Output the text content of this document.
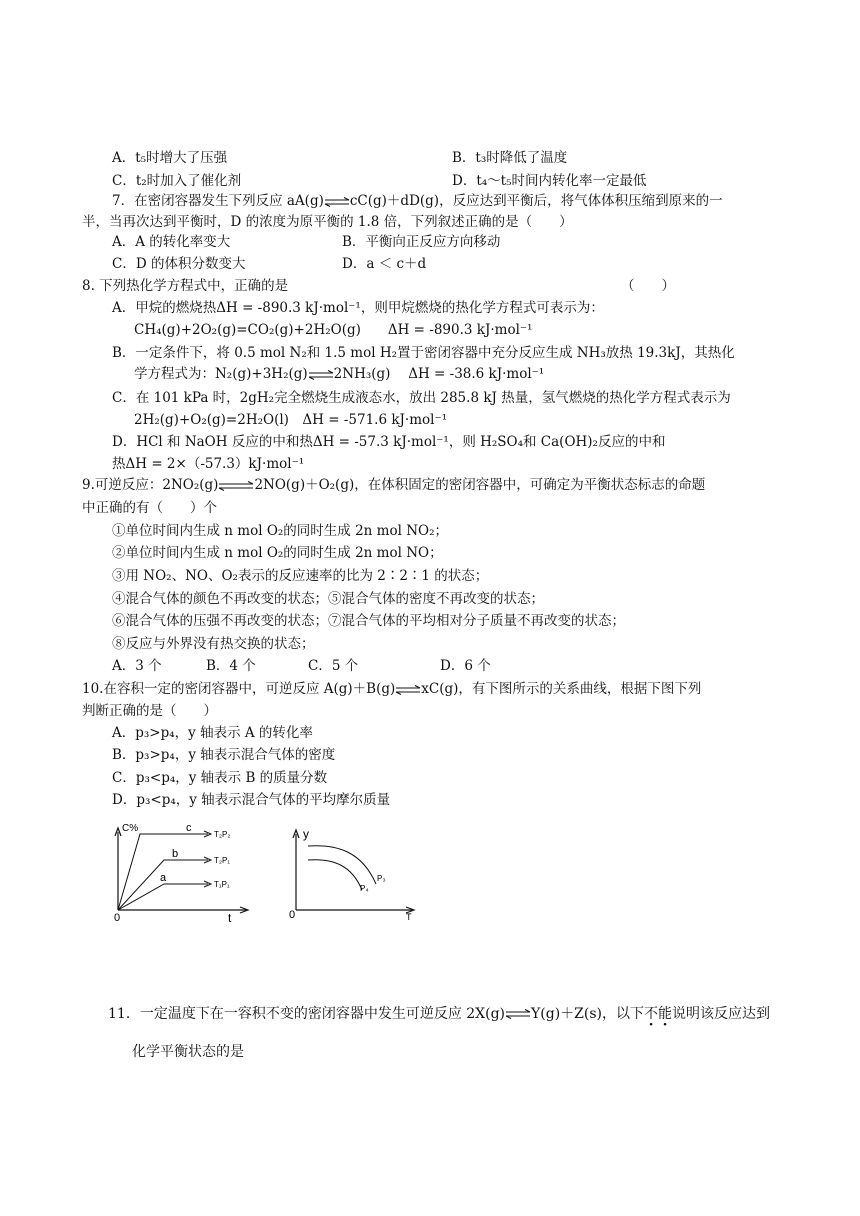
A．t₅时增大了压强	B．t₃时降低了温度
C．t₂时加入了催化剂	D．t₄～t₅时间内转化率一定最低
7．在密闭容器发生下列反应 aA(g)⇌cC(g)＋dD(g)，反应达到平衡后，将气体体积压缩到原来的一
半，当再次达到平衡时，D 的浓度为原平衡的 1.8 倍，下列叙述正确的是（　　）
A．A 的转化率变大	B．平衡向正反应方向移动
C．D 的体积分数变大	D．a ＜ c＋d
8. 下列热化学方程式中，正确的是	（　　）
A．甲烷的燃烧热ΔH = -890.3 kJ·mol⁻¹，则甲烷燃烧的热化学方程式可表示为：
CH₄(g)+2O₂(g)=CO₂(g)+2H₂O(g)　　ΔH = -890.3 kJ·mol⁻¹
B．一定条件下，将 0.5 mol N₂和 1.5 mol H₂置于密闭容器中充分反应生成 NH₃放热 19.3kJ，其热化
学方程式为：N₂(g)+3H₂(g)⇌2NH₃(g)　 ΔH = -38.6 kJ·mol⁻¹
C．在 101 kPa 时，2gH₂完全燃烧生成液态水，放出 285.8 kJ 热量，氢气燃烧的热化学方程式表示为
2H₂(g)+O₂(g)=2H₂O(l)　ΔH = -571.6 kJ·mol⁻¹
D．HCl 和 NaOH 反应的中和热ΔH = -57.3 kJ·mol⁻¹，则 H₂SO₄和 Ca(OH)₂反应的中和
热ΔH = 2×（-57.3）kJ·mol⁻¹
9.可逆反应：2NO₂(g)⇌2NO(g)＋O₂(g)，在体积固定的密闭容器中，可确定为平衡状态标志的命题
中正确的有（　　）个
①单位时间内生成 n mol O₂的同时生成 2n mol NO₂；
②单位时间内生成 n mol O₂的同时生成 2n mol NO；
③用 NO₂、NO、O₂表示的反应速率的比为 2∶2∶1 的状态；
④混合气体的颜色不再改变的状态；⑤混合气体的密度不再改变的状态；
⑥混合气体的压强不再改变的状态；⑦混合气体的平均相对分子质量不再改变的状态；
⑧反应与外界没有热交换的状态；
A．3 个	B．4 个	C．5 个	D．6 个
10.在容积一定的密闭容器中，可逆反应 A(g)＋B(g)⇌xC(g)，有下图所示的关系曲线，根据下图下列
判断正确的是（　　）
A．p₃>p₄，y 轴表示 A 的转化率
B．p₃>p₄，y 轴表示混合气体的密度
C．p₃<p₄，y 轴表示 B 的质量分数
D．p₃<p₄，y 轴表示混合气体的平均摩尔质量
C%
0	t
c
b
a
T₂P₂
T₂P₁
T₁P₁
y
0	T
P₃
P₄
11．一定温度下在一容积不变的密闭容器中发生可逆反应 2X(g)⇌Y(g)＋Z(s)，以下不能说明该反应达到
化学平衡状态的是
